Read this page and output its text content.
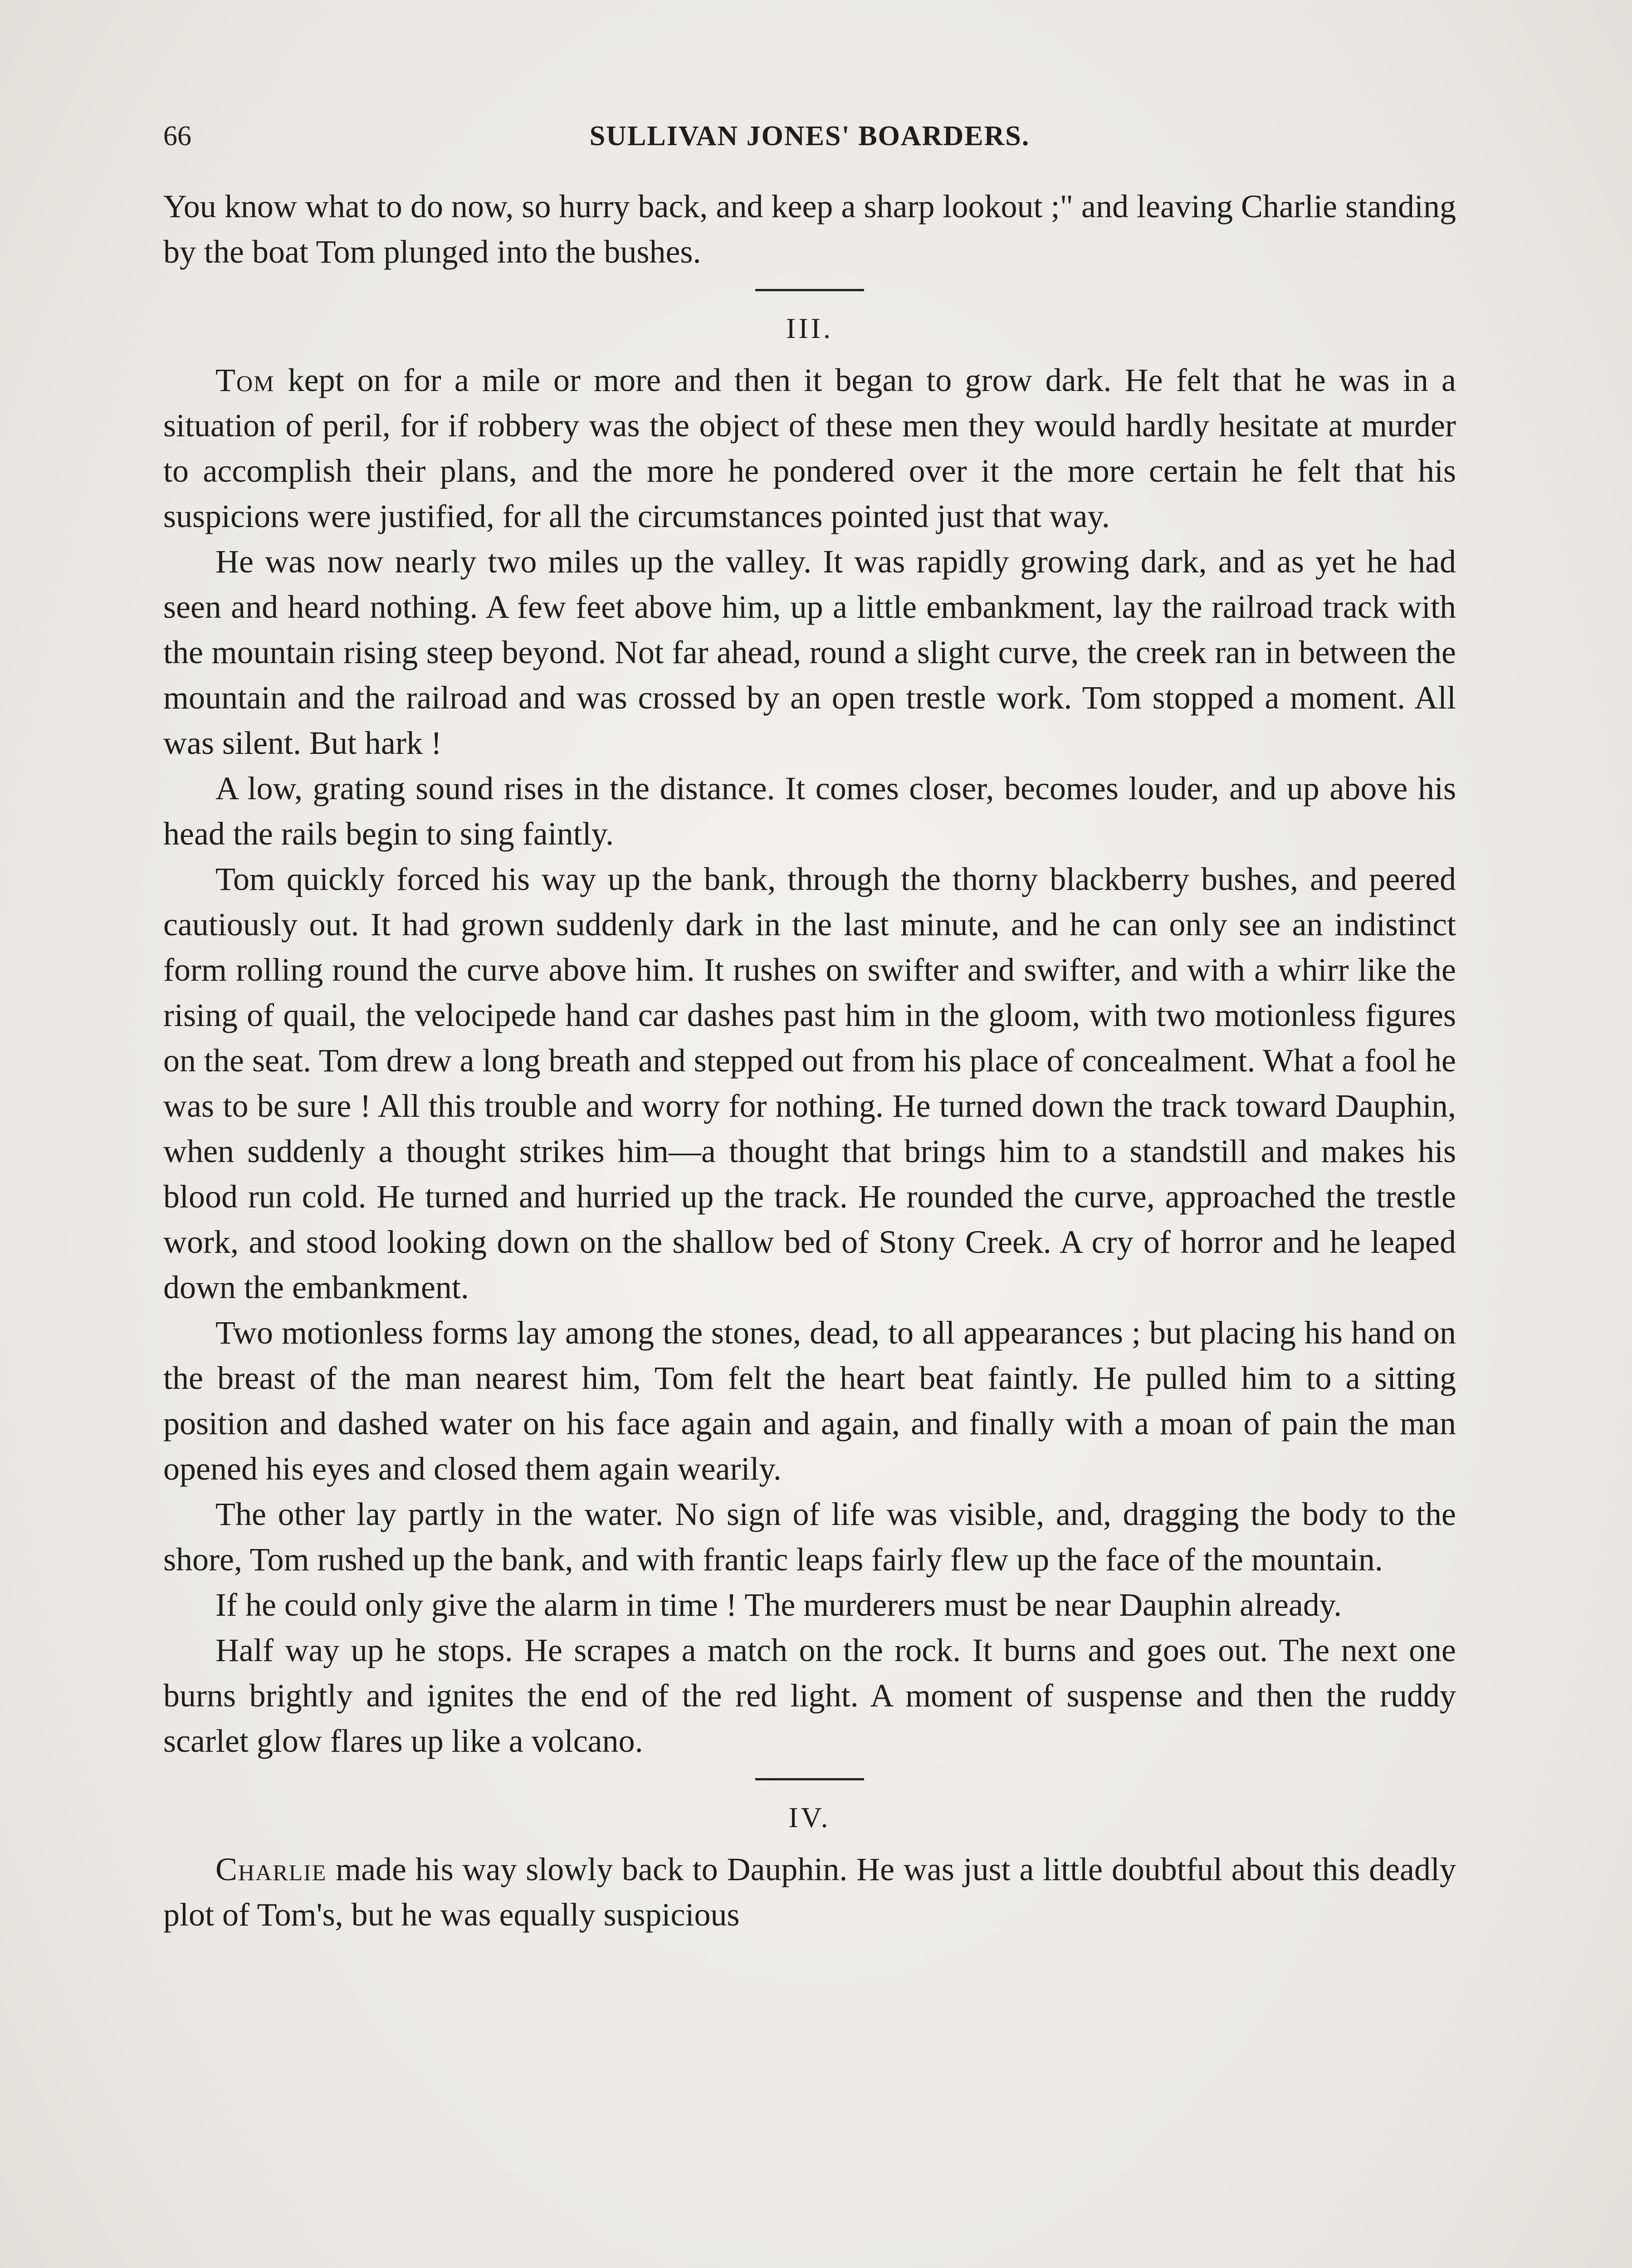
66	SULLIVAN JONES' BOARDERS.

You know what to do now, so hurry back, and keep a sharp lookout ;" and leaving Charlie standing by the boat Tom plunged into the bushes.

III.

Tom kept on for a mile or more and then it began to grow dark. He felt that he was in a situation of peril, for if robbery was the object of these men they would hardly hesitate at murder to accomplish their plans, and the more he pondered over it the more certain he felt that his suspicions were justified, for all the circumstances pointed just that way.

He was now nearly two miles up the valley. It was rapidly growing dark, and as yet he had seen and heard nothing. A few feet above him, up a little embankment, lay the railroad track with the mountain rising steep beyond. Not far ahead, round a slight curve, the creek ran in between the mountain and the railroad and was crossed by an open trestle work. Tom stopped a moment. All was silent. But hark !

A low, grating sound rises in the distance. It comes closer, becomes louder, and up above his head the rails begin to sing faintly.

Tom quickly forced his way up the bank, through the thorny blackberry bushes, and peered cautiously out. It had grown suddenly dark in the last minute, and he can only see an indistinct form rolling round the curve above him. It rushes on swifter and swifter, and with a whirr like the rising of quail, the velocipede hand car dashes past him in the gloom, with two motionless figures on the seat. Tom drew a long breath and stepped out from his place of concealment. What a fool he was to be sure ! All this trouble and worry for nothing. He turned down the track toward Dauphin, when suddenly a thought strikes him—a thought that brings him to a standstill and makes his blood run cold. He turned and hurried up the track. He rounded the curve, approached the trestle work, and stood looking down on the shallow bed of Stony Creek. A cry of horror and he leaped down the embankment.

Two motionless forms lay among the stones, dead, to all appearances ; but placing his hand on the breast of the man nearest him, Tom felt the heart beat faintly. He pulled him to a sitting position and dashed water on his face again and again, and finally with a moan of pain the man opened his eyes and closed them again wearily.

The other lay partly in the water. No sign of life was visible, and, dragging the body to the shore, Tom rushed up the bank, and with frantic leaps fairly flew up the face of the mountain.

If he could only give the alarm in time ! The murderers must be near Dauphin already.

Half way up he stops. He scrapes a match on the rock. It burns and goes out. The next one burns brightly and ignites the end of the red light. A moment of suspense and then the ruddy scarlet glow flares up like a volcano.

IV.

Charlie made his way slowly back to Dauphin. He was just a little doubtful about this deadly plot of Tom's, but he was equally suspicious
